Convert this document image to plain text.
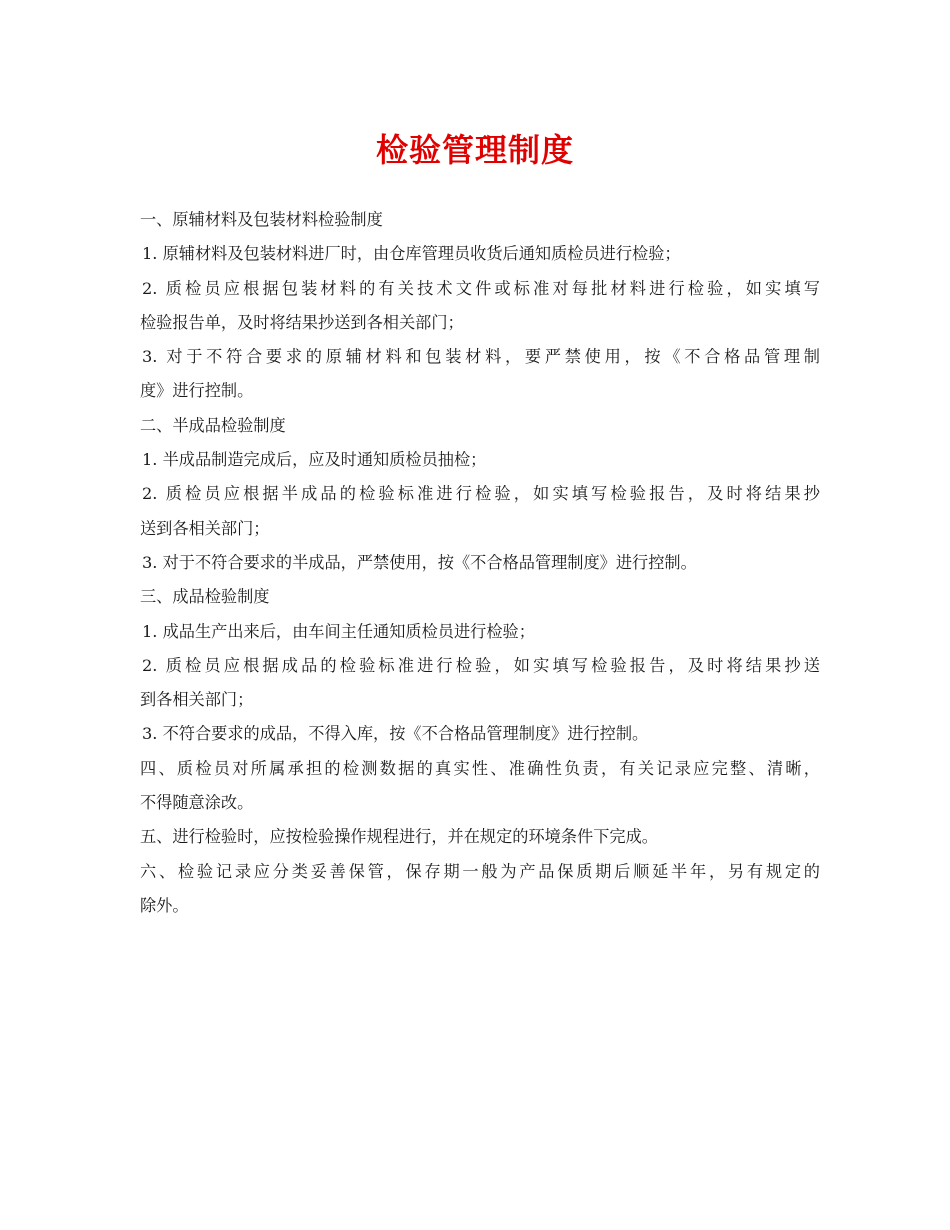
检验管理制度
一、原辅材料及包装材料检验制度
1. 原辅材料及包装材料进厂时，由仓库管理员收货后通知质检员进行检验；
2. 质检员应根据包装材料的有关技术文件或标准对每批材料进行检验，如实填写
检验报告单，及时将结果抄送到各相关部门；
3. 对于不符合要求的原辅材料和包装材料，要严禁使用，按《不合格品管理制
度》进行控制。
二、半成品检验制度
1. 半成品制造完成后，应及时通知质检员抽检；
2. 质检员应根据半成品的检验标准进行检验，如实填写检验报告，及时将结果抄
送到各相关部门；
3. 对于不符合要求的半成品，严禁使用，按《不合格品管理制度》进行控制。
三、成品检验制度
1. 成品生产出来后，由车间主任通知质检员进行检验；
2. 质检员应根据成品的检验标准进行检验，如实填写检验报告，及时将结果抄送
到各相关部门；
3. 不符合要求的成品，不得入库，按《不合格品管理制度》进行控制。
四、质检员对所属承担的检测数据的真实性、准确性负责，有关记录应完整、清晰，
不得随意涂改。
五、进行检验时，应按检验操作规程进行，并在规定的环境条件下完成。
六、检验记录应分类妥善保管，保存期一般为产品保质期后顺延半年，另有规定的
除外。
